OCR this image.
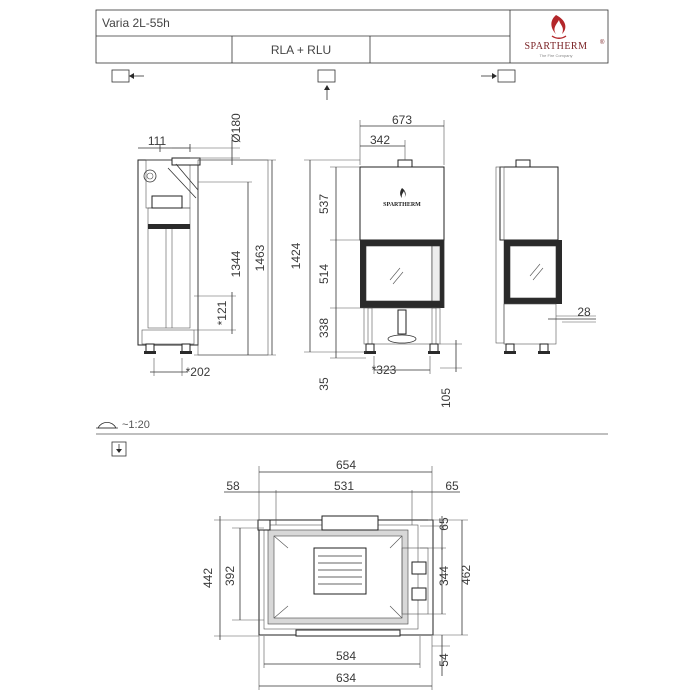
Varia 2L-55h
RLA + RLU	SPARTHERM ®
The Fire Company
111	Ø180
1344 1463
*121
*202
SPARTHERM
673
342
537
1424
514
338
35
*323
105
28
~1:20
654
58	531	65
65
344 462
54
442 392
584
634
